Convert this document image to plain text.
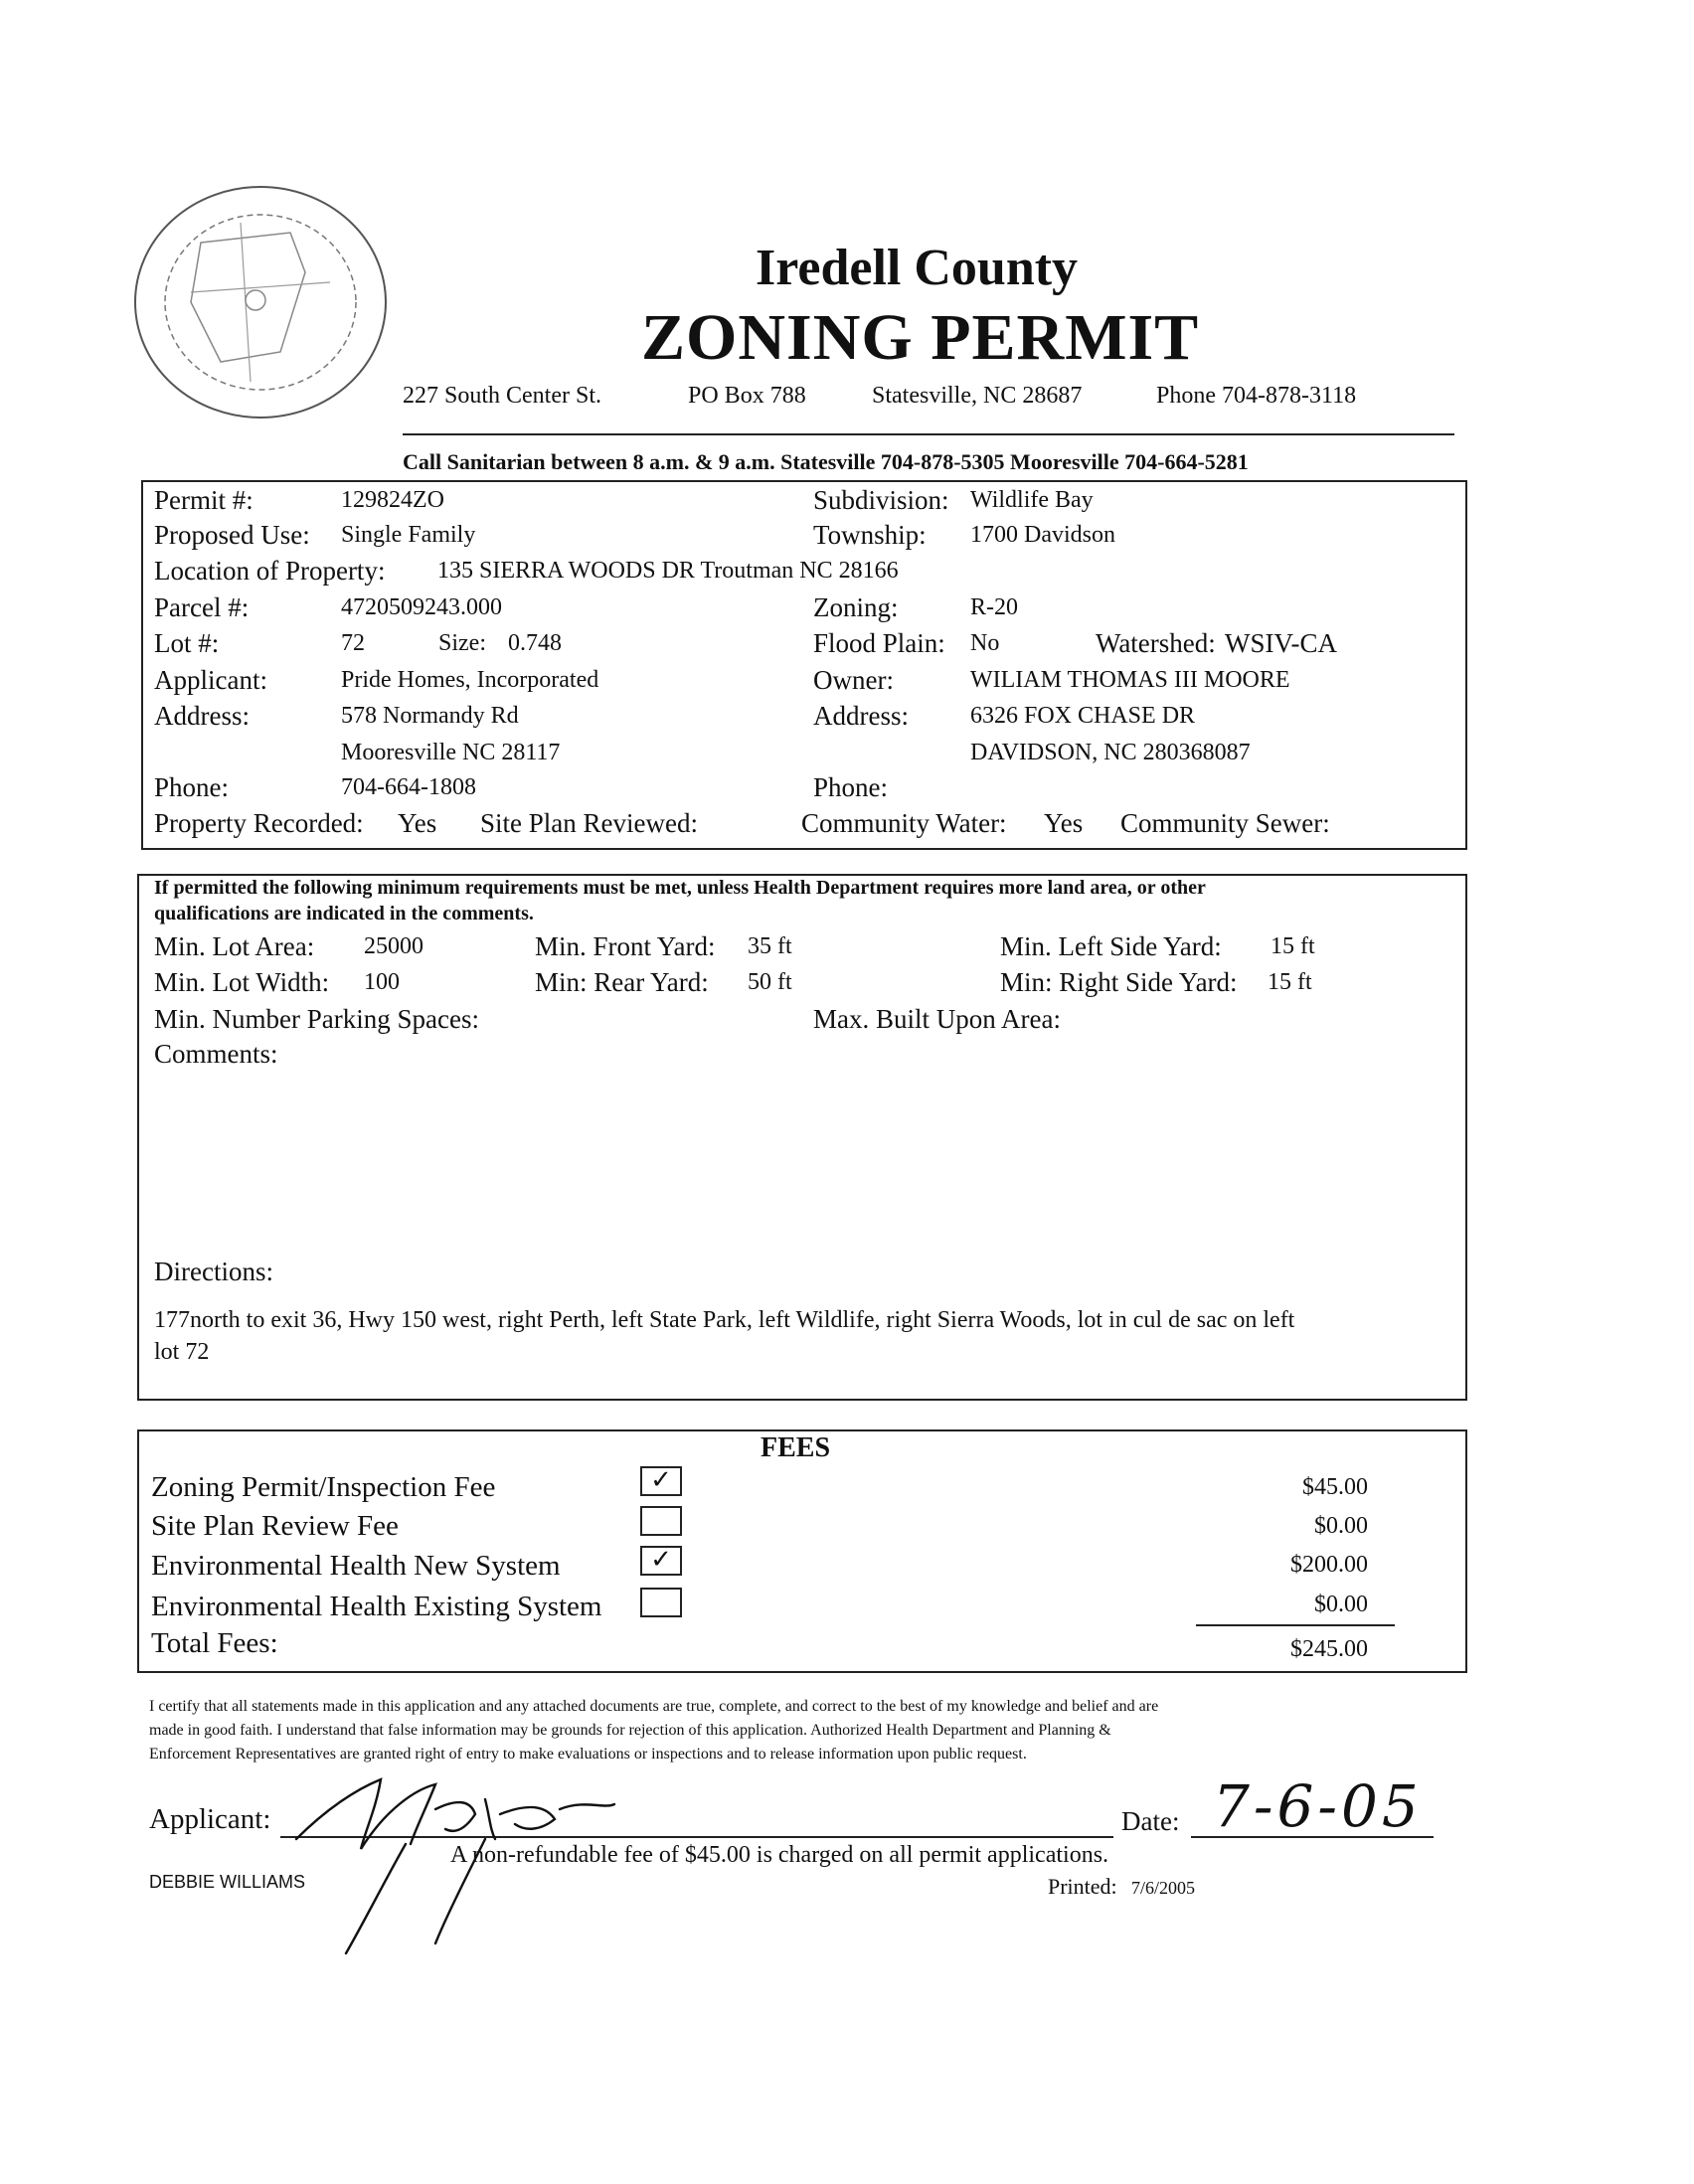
Iredell County
ZONING PERMIT
227 South Center St.	PO Box 788	Statesville, NC 28687	Phone 704-878-3118
Call Sanitarian between 8 a.m. & 9 a.m. Statesville 704-878-5305 Mooresville 704-664-5281
Permit #:	129824ZO	Subdivision: Wildlife Bay
Proposed Use: Single Family	Township: 1700 Davidson
Location of Property: 135 SIERRA WOODS DR Troutman NC 28166
Parcel #:	4720509243.000	Zoning:	R-20
Lot #:	72	Size: 0.748	Flood Plain: No	Watershed: WSIV-CA
Applicant:	Pride Homes, Incorporated	Owner:	WILIAM THOMAS III MOORE
Address:	578 Normandy Rd	Address:	6326 FOX CHASE DR
Mooresville NC 28117	DAVIDSON, NC 280368087
Phone:	704-664-1808	Phone:
Property Recorded: Yes Site Plan Reviewed:	Community Water: Yes Community Sewer:
If permitted the following minimum requirements must be met, unless Health Department requires more land area, or other
qualifications are indicated in the comments.
Min. Lot Area: 25000	Min. Front Yard: 35 ft	Min. Left Side Yard: 15 ft
Min. Lot Width: 100	Min: Rear Yard: 50 ft	Min: Right Side Yard: 15 ft
Min. Number Parking Spaces:	Max. Built Upon Area:
Comments:
Directions:
177north to exit 36, Hwy 150 west, right Perth, left State Park, left Wildlife, right Sierra Woods, lot in cul de sac on left
lot 72
FEES
Zoning Permit/Inspection Fee	✓	$45.00
Site Plan Review Fee	$0.00
Environmental Health New System	✓	$200.00
Environmental Health Existing System	$0.00
Total Fees:	$245.00
I certify that all statements made in this application and any attached documents are true, complete, and correct to the best of my knowledge and belief and are
made in good faith. I understand that false information may be grounds for rejection of this application. Authorized Health Department and Planning &
Enforcement Representatives are granted right of entry to make evaluations or inspections and to release information upon public request.
Applicant:	Date: 7-6-05
A non-refundable fee of $45.00 is charged on all permit applications.
DEBBIE WILLIAMS	Printed: 7/6/2005
